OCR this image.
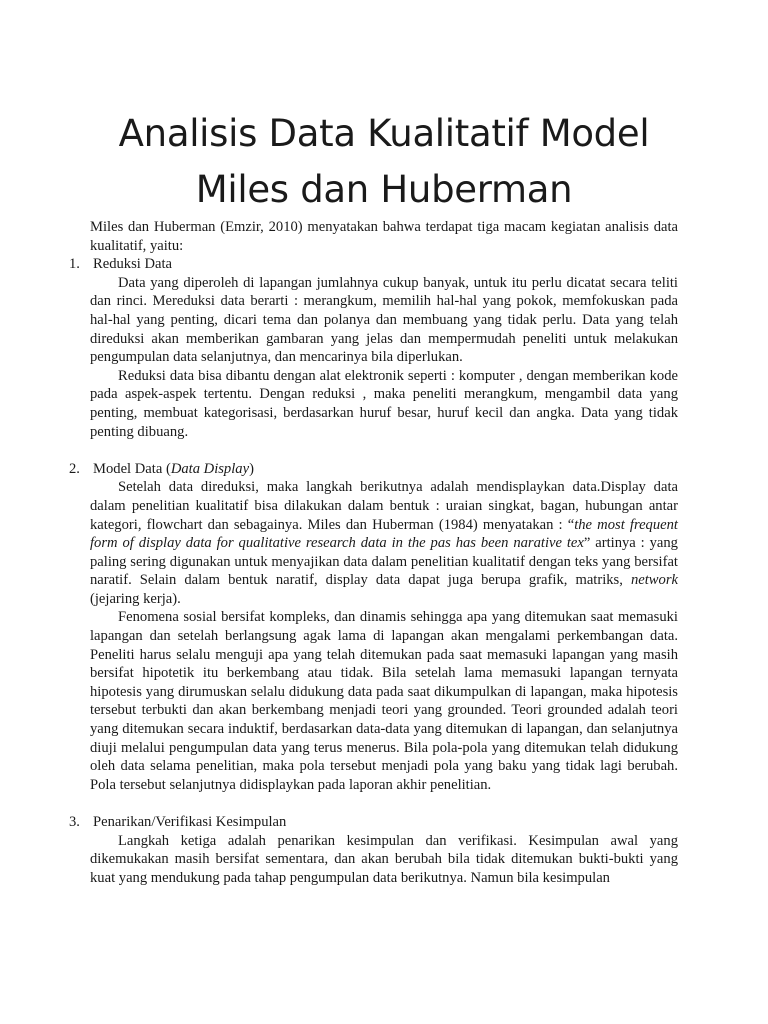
Analisis Data Kualitatif Model
Miles dan Huberman

Miles dan Huberman (Emzir, 2010) menyatakan bahwa terdapat tiga macam kegiatan analisis data kualitatif, yaitu:

1. Reduksi Data

Data yang diperoleh di lapangan jumlahnya cukup banyak, untuk itu perlu dicatat secara teliti dan rinci. Mereduksi data berarti : merangkum, memilih hal-hal yang pokok, memfokuskan pada hal-hal yang penting, dicari tema dan polanya dan membuang yang tidak perlu. Data yang telah direduksi akan memberikan gambaran yang jelas dan mempermudah peneliti untuk melakukan pengumpulan data selanjutnya, dan mencarinya bila diperlukan.

Reduksi data bisa dibantu dengan alat elektronik seperti : komputer , dengan memberikan kode pada aspek-aspek tertentu. Dengan reduksi , maka peneliti merangkum, mengambil data yang penting, membuat kategorisasi, berdasarkan huruf besar, huruf kecil dan angka. Data yang tidak penting dibuang.

2. Model Data (Data Display)

Setelah data direduksi, maka langkah berikutnya adalah mendisplaykan data.Display data dalam penelitian kualitatif bisa dilakukan dalam bentuk : uraian singkat, bagan, hubungan antar kategori, flowchart dan sebagainya. Miles dan Huberman (1984) menyatakan : “the most frequent form of display data for qualitative research data in the pas has been narative tex” artinya : yang paling sering digunakan untuk menyajikan data dalam penelitian kualitatif dengan teks yang bersifat naratif. Selain dalam bentuk naratif, display data dapat juga berupa grafik, matriks, network (jejaring kerja).

Fenomena sosial bersifat kompleks, dan dinamis sehingga apa yang ditemukan saat memasuki lapangan dan setelah berlangsung agak lama di lapangan akan mengalami perkembangan data. Peneliti harus selalu menguji apa yang telah ditemukan pada saat memasuki lapangan yang masih bersifat hipotetik itu berkembang atau tidak. Bila setelah lama memasuki lapangan ternyata hipotesis yang dirumuskan selalu didukung data pada saat dikumpulkan di lapangan, maka hipotesis tersebut terbukti dan akan berkembang menjadi teori yang grounded. Teori grounded adalah teori yang ditemukan secara induktif, berdasarkan data-data yang ditemukan di lapangan, dan selanjutnya diuji melalui pengumpulan data yang terus menerus. Bila pola-pola yang ditemukan telah didukung oleh data selama penelitian, maka pola tersebut menjadi pola yang baku yang tidak lagi berubah. Pola tersebut selanjutnya didisplaykan pada laporan akhir penelitian.

3. Penarikan/Verifikasi Kesimpulan

Langkah ketiga adalah penarikan kesimpulan dan verifikasi. Kesimpulan awal yang dikemukakan masih bersifat sementara, dan akan berubah bila tidak ditemukan bukti-bukti yang kuat yang mendukung pada tahap pengumpulan data berikutnya. Namun bila kesimpulan
